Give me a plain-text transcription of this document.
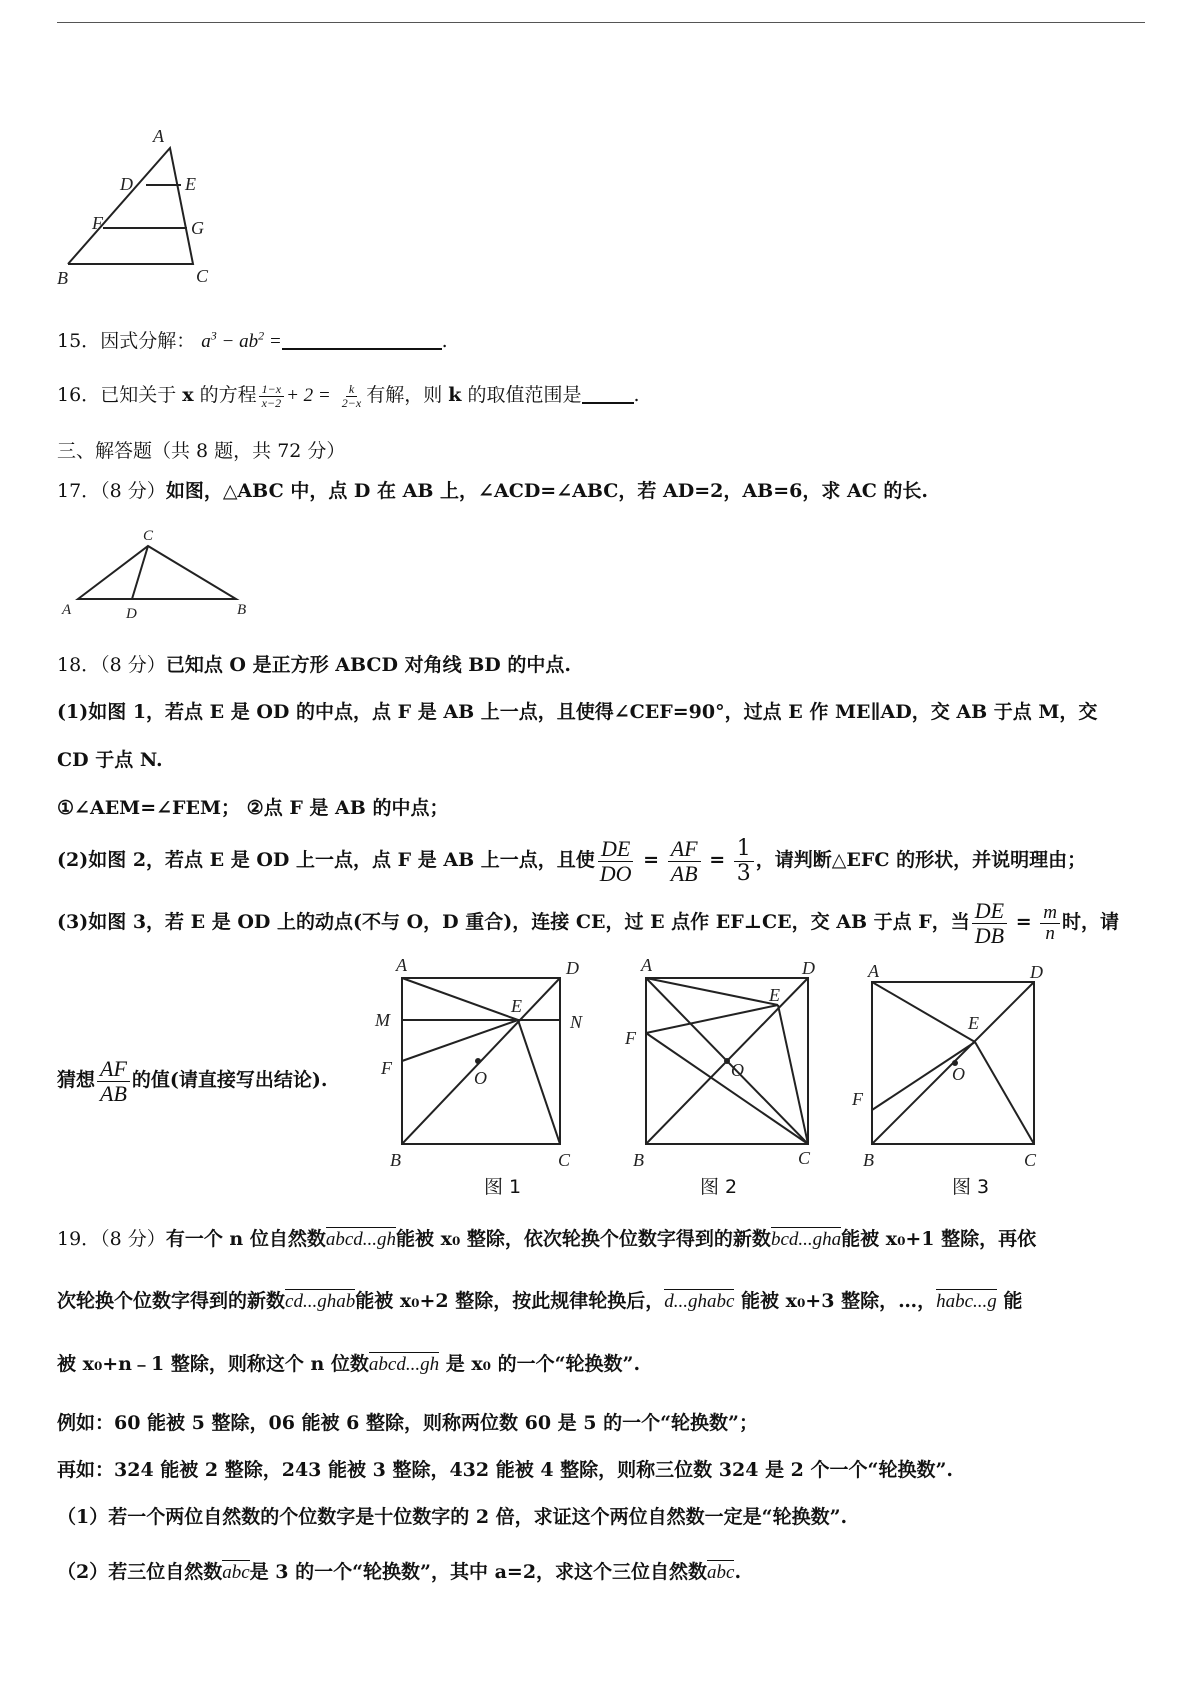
A
D	E
F	G
B	C
15．因式分解： $a^3 - ab^2$ =	.
16．已知关于 x 的方程 $\frac{1-x}{x-2} + 2 = \frac{k}{2-x}$ 有解，则 k 的取值范围是	.
三、解答题（共 8 题，共 72 分）
17．（8 分）如图，△ABC 中，点 D 在 AB 上，∠ACD=∠ABC，若 AD=2，AB=6，求 AC 的长.
C
A	D	B
18．（8 分）已知点 O 是正方形 ABCD 对角线 BD 的中点.
(1)如图 1，若点 E 是 OD 的中点，点 F 是 AB 上一点，且使得∠CEF=90°，过点 E 作 ME∥AD，交 AB 于点 M，交
CD 于点 N.
①∠AEM=∠FEM； ②点 F 是 AB 的中点；
(2)如图 2，若点 E 是 OD 上一点，点 F 是 AB 上一点，且使 $\frac{DE}{DO} = \frac{AF}{AB} = \frac{1}{3}$ ，请判断△EFC 的形状，并说明理由；
(3)如图 3，若 E 是 OD 上的动点(不与 O，D 重合)，连接 CE，过 E 点作 EF⊥CE，交 AB 于点 F，当 $\frac{DE}{DB} = \frac{m}{n}$ 时，请
猜想 $\frac{AF}{AB}$ 的值(请直接写出结论).
A	D
M
E
N
F	O
B	C
A	D
E
F
O
B	C
A	D
E
O
F
B	C
图 1	图 2	图 3
19．（8 分）有一个 n 位自然数abcd...gh能被 x₀ 整除，依次轮换个位数字得到的新数bcd...gha能被 x₀+1 整除，再依
次轮换个位数字得到的新数cd...ghab能被 x₀+2 整除，按此规律轮换后，d...ghabc 能被 x₀+3 整除，…，habc...g 能
被 x₀+n﹣1 整除，则称这个 n 位数abcd...gh 是 x₀ 的一个“轮换数”.
例如：60 能被 5 整除，06 能被 6 整除，则称两位数 60 是 5 的一个“轮换数”；
再如：324 能被 2 整除，243 能被 3 整除，432 能被 4 整除，则称三位数 324 是 2 个一个“轮换数”.
（1）若一个两位自然数的个位数字是十位数字的 2 倍，求证这个两位自然数一定是“轮换数”.
（2）若三位自然数abc是 3 的一个“轮换数”，其中 a=2，求这个三位自然数abc.
